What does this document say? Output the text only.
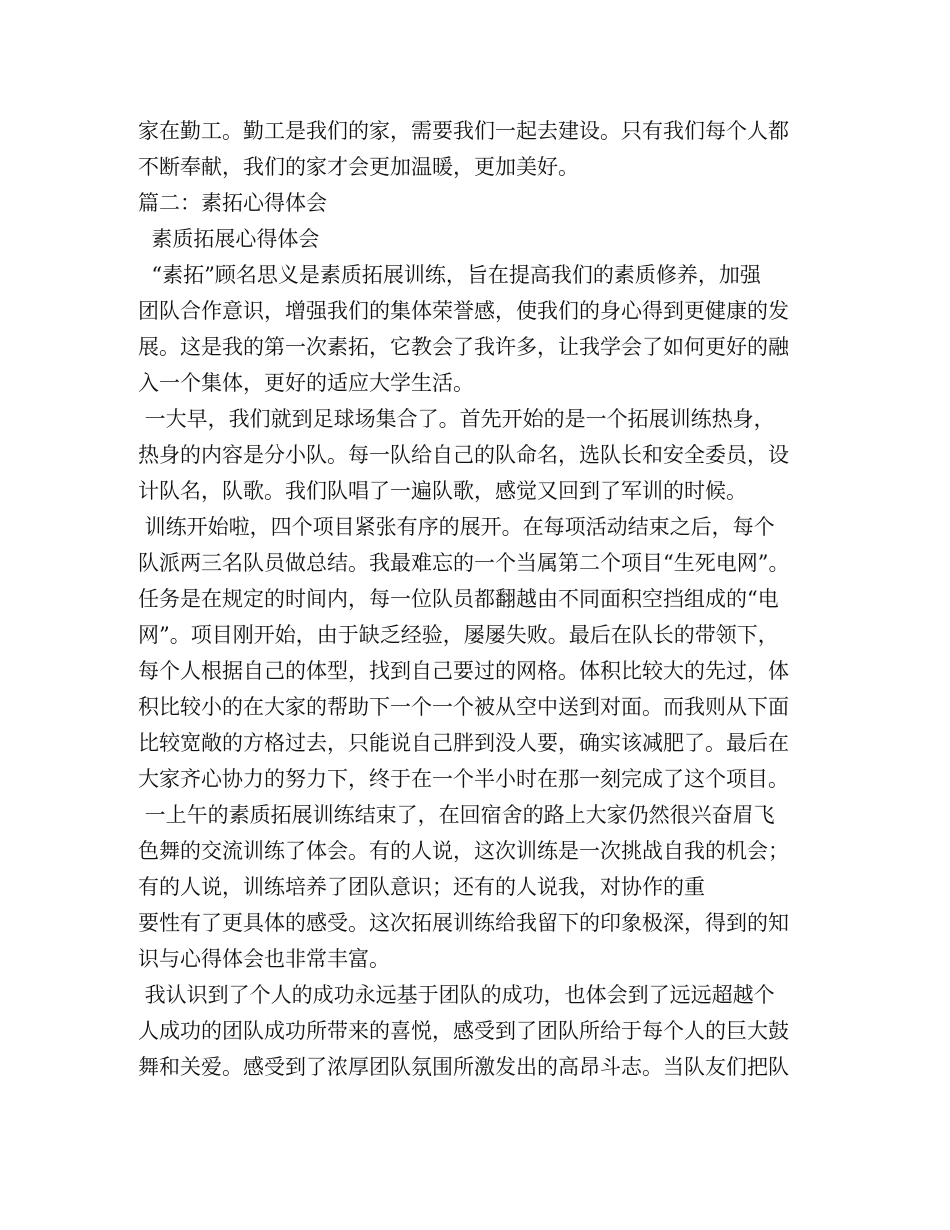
家在勤工。勤工是我们的家，需要我们一起去建设。只有我们每个人都
不断奉献，我们的家才会更加温暖，更加美好。
篇二：素拓心得体会
素质拓展心得体会
“素拓”顾名思义是素质拓展训练，旨在提高我们的素质修养，加强
团队合作意识，增强我们的集体荣誉感，使我们的身心得到更健康的发
展。这是我的第一次素拓，它教会了我许多，让我学会了如何更好的融
入一个集体，更好的适应大学生活。
一大早，我们就到足球场集合了。首先开始的是一个拓展训练热身，
热身的内容是分小队。每一队给自己的队命名，选队长和安全委员，设
计队名，队歌。我们队唱了一遍队歌，感觉又回到了军训的时候。
训练开始啦，四个项目紧张有序的展开。在每项活动结束之后，每个
队派两三名队员做总结。我最难忘的一个当属第二个项目“生死电网”。
任务是在规定的时间内，每一位队员都翻越由不同面积空挡组成的“电
网”。项目刚开始，由于缺乏经验，屡屡失败。最后在队长的带领下，
每个人根据自己的体型，找到自己要过的网格。体积比较大的先过，体
积比较小的在大家的帮助下一个一个被从空中送到对面。而我则从下面
比较宽敞的方格过去，只能说自己胖到没人要，确实该减肥了。最后在
大家齐心协力的努力下，终于在一个半小时在那一刻完成了这个项目。
一上午的素质拓展训练结束了，在回宿舍的路上大家仍然很兴奋眉飞
色舞的交流训练了体会。有的人说，这次训练是一次挑战自我的机会；
有的人说，训练培养了团队意识；还有的人说我，对协作的重
要性有了更具体的感受。这次拓展训练给我留下的印象极深，得到的知
识与心得体会也非常丰富。
我认识到了个人的成功永远基于团队的成功，也体会到了远远超越个
人成功的团队成功所带来的喜悦，感受到了团队所给于每个人的巨大鼓
舞和关爱。感受到了浓厚团队氛围所激发出的高昂斗志。当队友们把队
